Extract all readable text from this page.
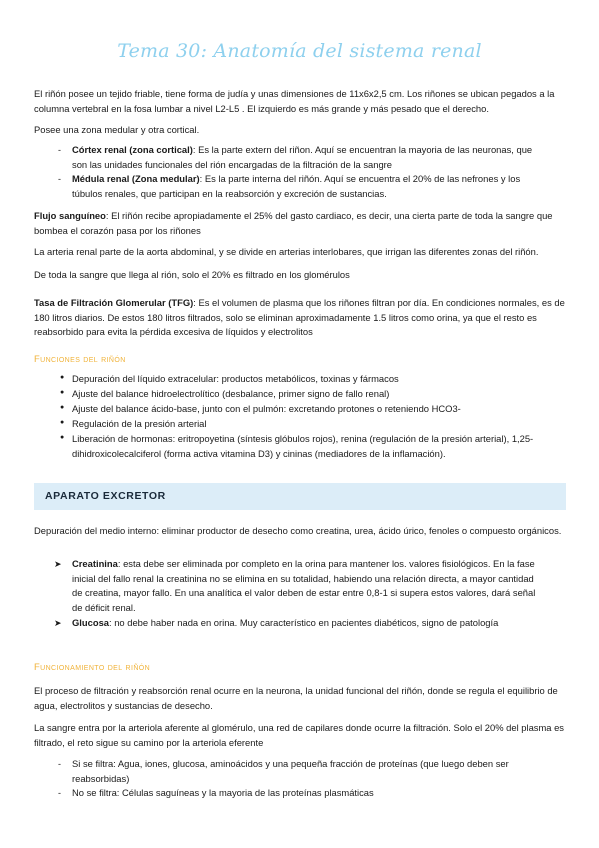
Tema 30: Anatomía del sistema renal

El riñón posee un tejido friable, tiene forma de judía y unas dimensiones de 11x6x2,5 cm. Los riñones se ubican pegados a la columna vertebral en la fosa lumbar a nivel L2-L5 . El izquierdo es más grande y más pesado que el derecho.

Posee una zona medular y otra cortical.

- Córtex renal (zona cortical): Es la parte extern del riñon. Aquí se encuentran la mayoria de las neuronas, que son las unidades funcionales del rión encargadas de la filtración de la sangre

- Médula renal (Zona medular): Es la parte interna del riñón. Aquí se encuentra el 20% de las nefrones y los túbulos renales, que participan en la reabsorción y excreción de sustancias.

Flujo sanguíneo: El riñón recibe apropiadamente el 25% del gasto cardiaco, es decir, una cierta parte de toda la sangre que bombea el corazón pasa por los riñones

La arteria renal parte de la aorta abdominal, y se divide en arterias interlobares, que irrigan las diferentes zonas del riñón.

De toda la sangre que llega al rión, solo el 20% es filtrado en los glomérulos

Tasa de Filtración Glomerular (TFG): Es el volumen de plasma que los riñones filtran por día. En condiciones normales, es de 180 litros diarios. De estos 180 litros filtrados, solo se eliminan aproximadamente 1.5 litros como orina, ya que el resto es reabsorbido para evita la pérdida excesiva de líquidos y electrolitos

Funciones del riñón
● Depuración del líquido extracelular: productos metabólicos, toxinas y fármacos

● Ajuste del balance hidroelectrolítico (desbalance, primer signo de fallo renal)

● Ajuste del balance ácido-base, junto con el pulmón: excretando protones o reteniendo HCO3-

● Regulación de la presión arterial

● Liberación de hormonas: eritropoyetina (síntesis glóbulos rojos), renina (regulación de la presión arterial), 1,25-dihidroxicolecalciferol (forma activa vitamina D3) y cininas (mediadores de la inflamación).

APARATO EXCRETOR

Depuración del medio interno: eliminar productor de desecho como creatina, urea, ácido úrico, fenoles o compuesto orgánicos.

➤ Creatinina: esta debe ser eliminada por completo en la orina para mantener los. valores fisiológicos. En la fase inicial del fallo renal la creatinina no se elimina en su totalidad, habiendo una relación directa, a mayor cantidad de creatina, mayor fallo. En una analítica el valor deben de estar entre 0,8-1 si supera estos valores, dará señal de déficit renal.

➤ Glucosa: no debe haber nada en orina. Muy característico en pacientes diabéticos, signo de patología

Funcionamiento del riñón

El proceso de filtración y reabsorción renal ocurre en la neurona, la unidad funcional del riñón, donde se regula el equilibrio de agua, electrolitos y sustancias de desecho.

La sangre entra por la arteriola aferente al glomérulo, una red de capilares donde ocurre la filtración. Solo el 20% del plasma es filtrado, el reto sigue su camino por la arteriola eferente

- Si se filtra: Agua, iones, glucosa, aminoácidos y una pequeña fracción de proteínas (que luego deben ser reabsorbidas)

- No se filtra: Células saguíneas y la mayoria de las proteínas plasmáticas
